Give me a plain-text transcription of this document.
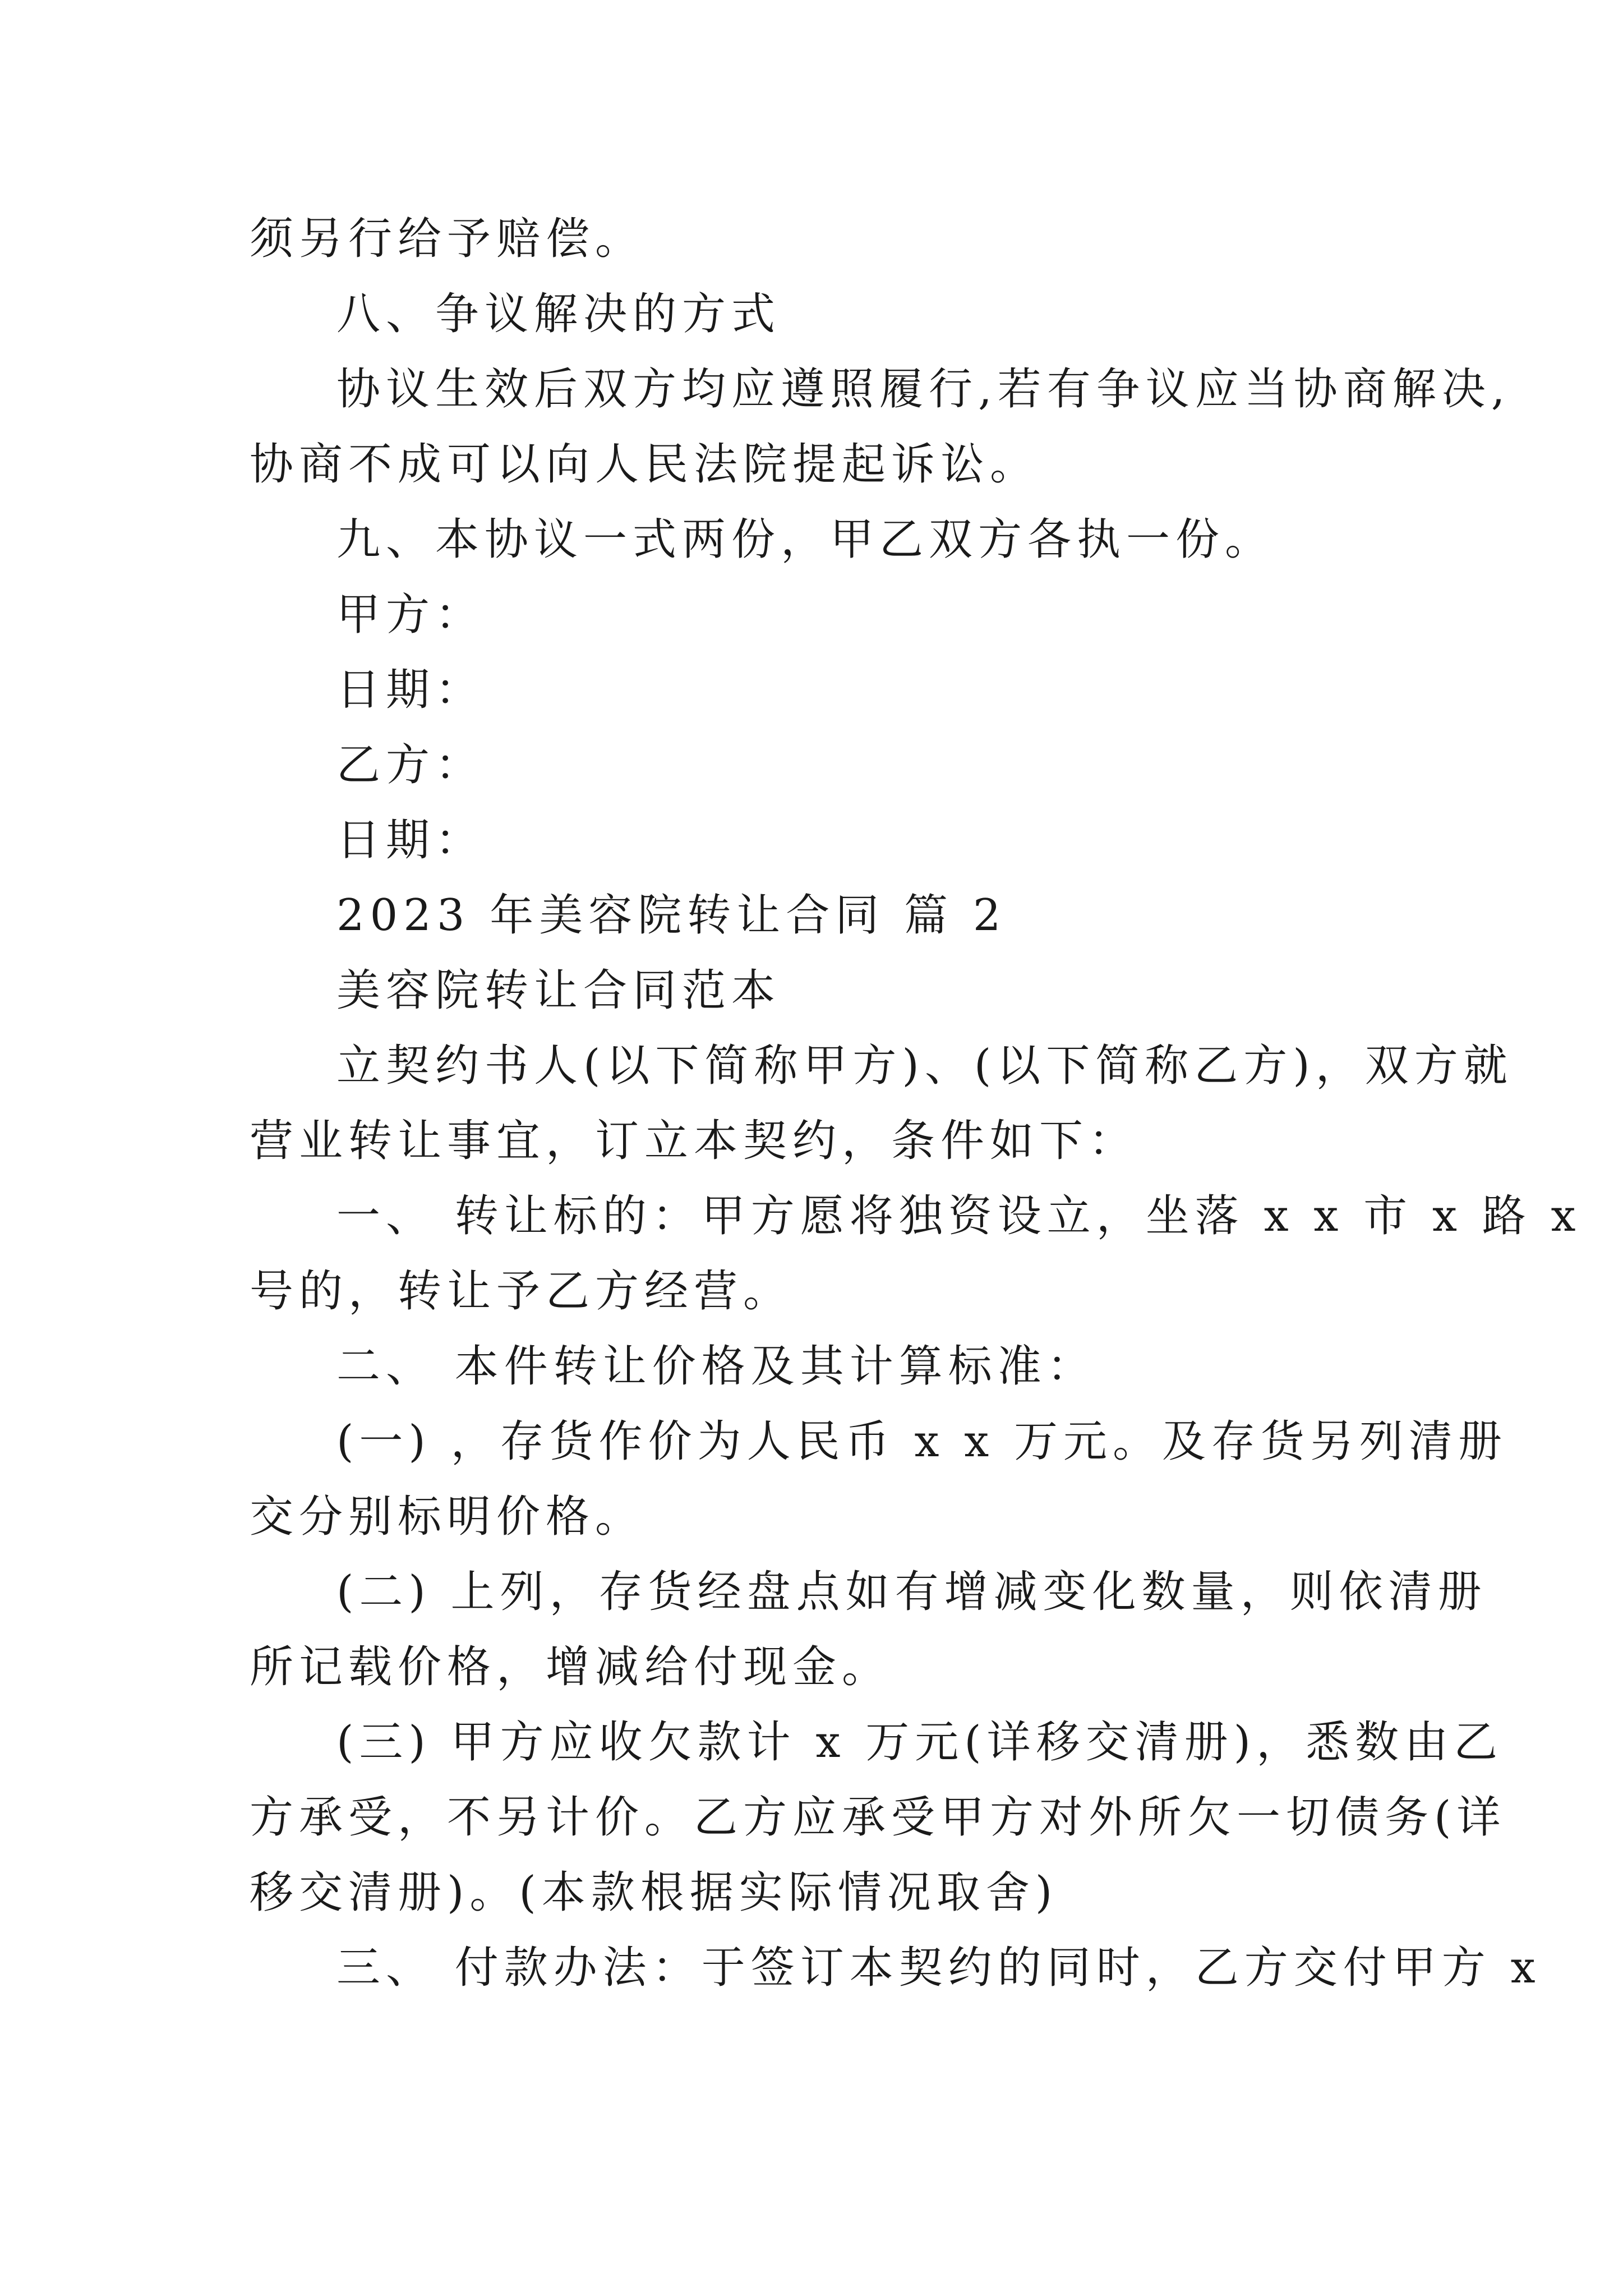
须另行给予赔偿。
八、争议解决的方式
协议生效后双方均应遵照履行,若有争议应当协商解决,
协商不成可以向人民法院提起诉讼。
九、本协议一式两份，甲乙双方各执一份。
甲方：
日期：
乙方：
日期：
2023 年美容院转让合同 篇 2
美容院转让合同范本
立契约书人(以下简称甲方)、(以下简称乙方)，双方就
营业转让事宜，订立本契约，条件如下：
一、 转让标的：甲方愿将独资设立，坐落 x x 市 x 路 x
号的，转让予乙方经营。
二、 本件转让价格及其计算标准：
(一) ，存货作价为人民币 x x 万元。及存货另列清册
交分别标明价格。
(二) 上列，存货经盘点如有增减变化数量，则依清册
所记载价格，增减给付现金。
(三) 甲方应收欠款计 x 万元(详移交清册)，悉数由乙
方承受，不另计价。乙方应承受甲方对外所欠一切债务(详
移交清册)。(本款根据实际情况取舍)
三、 付款办法：于签订本契约的同时，乙方交付甲方 x
